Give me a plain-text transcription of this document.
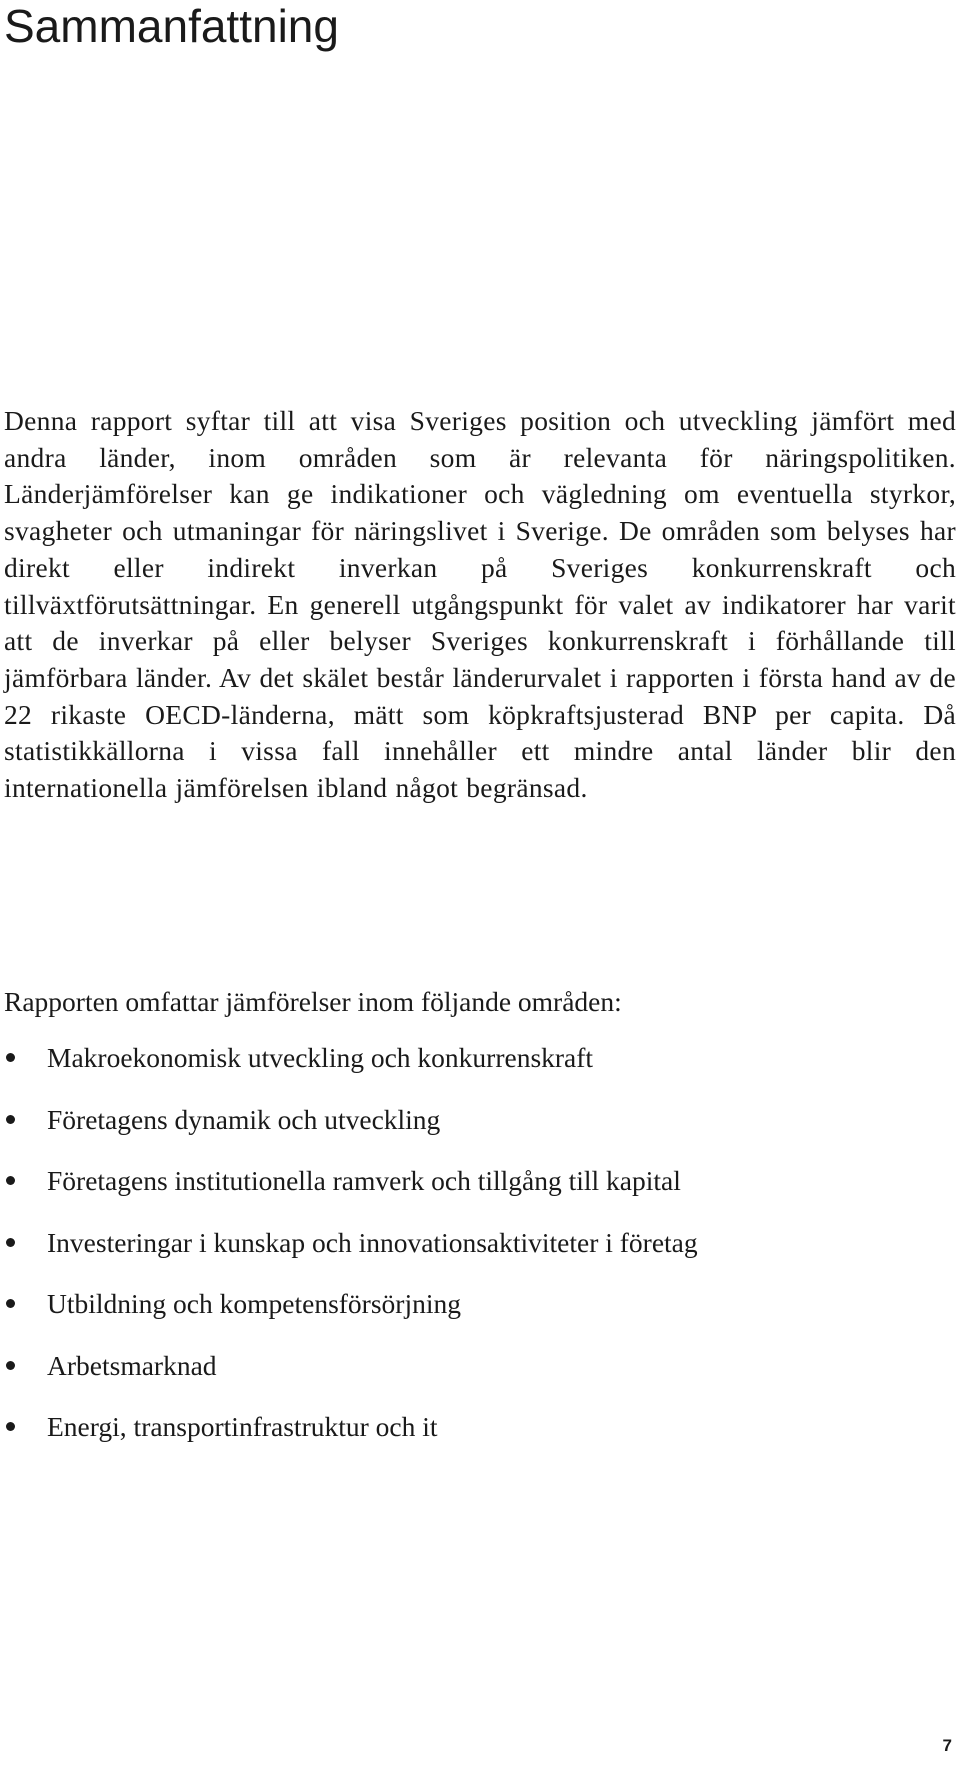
Sammanfattning

Denna rapport syftar till att visa Sveriges position och utveckling jämfört med andra länder, inom områden som är relevanta för näringspolitiken. Länderjämförelser kan ge indikationer och vägledning om eventuella styrkor, svagheter och utmaningar för näringslivet i Sverige. De områden som belyses har direkt eller indirekt inverkan på Sveriges konkurrenskraft och tillväxtförutsättningar. En generell utgångspunkt för valet av indikatorer har varit att de inverkar på eller belyser Sveriges konkurrenskraft i förhållande till jämförbara länder. Av det skälet består länderurvalet i rapporten i första hand av de 22 rikaste OECD-länderna, mätt som köpkraftsjusterad BNP per capita. Då statistikkällorna i vissa fall innehåller ett mindre antal länder blir den internationella jämförelsen ibland något begränsad.

Rapporten omfattar jämförelser inom följande områden:

Makroekonomisk utveckling och konkurrenskraft
Företagens dynamik och utveckling
Företagens institutionella ramverk och tillgång till kapital
Investeringar i kunskap och innovationsaktiviteter i företag
Utbildning och kompetensförsörjning
Arbetsmarknad
Energi, transportinfrastruktur och it
7
